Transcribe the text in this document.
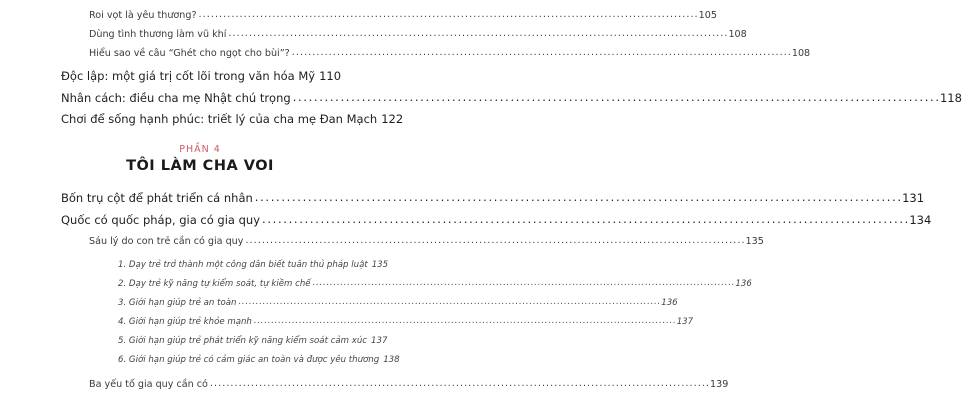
Roi vọt là yêu thương? . . .	105
Dùng tình thương làm vũ khí . . .	108
Hiểu sao về câu “Ghét cho ngọt cho bùi”? . . .	108
Độc lập: một giá trị cốt lõi trong văn hóa Mỹ 110
Nhân cách: điều cha mẹ Nhật chú trọng . . .	118
Chơi để sống hạnh phúc: triết lý của cha mẹ Đan Mạch 122
PHẦN 4
TÔI LÀM CHA VOI
Bốn trụ cột để phát triển cá nhân . . .	131
Quốc có quốc pháp, gia có gia quy . . .	134
Sáu lý do con trẻ cần có gia quy . . .	135
1. Dạy trẻ trở thành một công dân biết tuân thủ pháp luật 135
2. Dạy trẻ kỹ năng tự kiểm soát, tự kiềm chế . . .	136
3. Giới hạn giúp trẻ an toàn . . .	136
4. Giới hạn giúp trẻ khỏe mạnh . . .	137
5. Giới hạn giúp trẻ phát triển kỹ năng kiểm soát cảm xúc 137
6. Giới hạn giúp trẻ có cảm giác an toàn và được yêu thương 138
Ba yếu tố gia quy cần có . . .	139
